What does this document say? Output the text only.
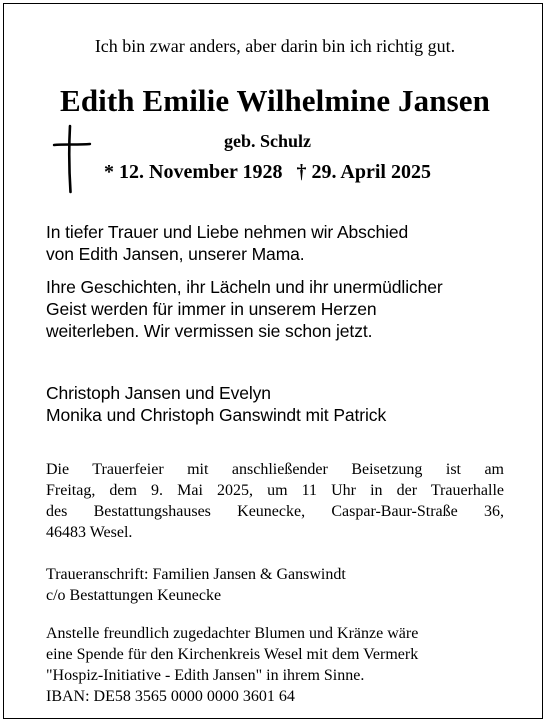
Ich bin zwar anders, aber darin bin ich richtig gut.
Edith Emilie Wilhelmine Jansen
geb. Schulz
* 12. November 1928 † 29. April 2025
In tiefer Trauer und Liebe nehmen wir Abschied
von Edith Jansen, unserer Mama.
Ihre Geschichten, ihr Lächeln und ihr unermüdlicher
Geist werden für immer in unserem Herzen
weiterleben. Wir vermissen sie schon jetzt.
Christoph Jansen und Evelyn
Monika und Christoph Ganswindt mit Patrick
Die Trauerfeier mit anschließender Beisetzung ist am
Freitag, dem 9. Mai 2025, um 11 Uhr in der Trauerhalle
des Bestattungshauses Keunecke, Caspar-Baur-Straße 36,
46483 Wesel.
Traueranschrift: Familien Jansen & Ganswindt
c/o Bestattungen Keunecke
Anstelle freundlich zugedachter Blumen und Kränze wäre
eine Spende für den Kirchenkreis Wesel mit dem Vermerk
"Hospiz-Initiative - Edith Jansen" in ihrem Sinne.
IBAN: DE58 3565 0000 0000 3601 64
